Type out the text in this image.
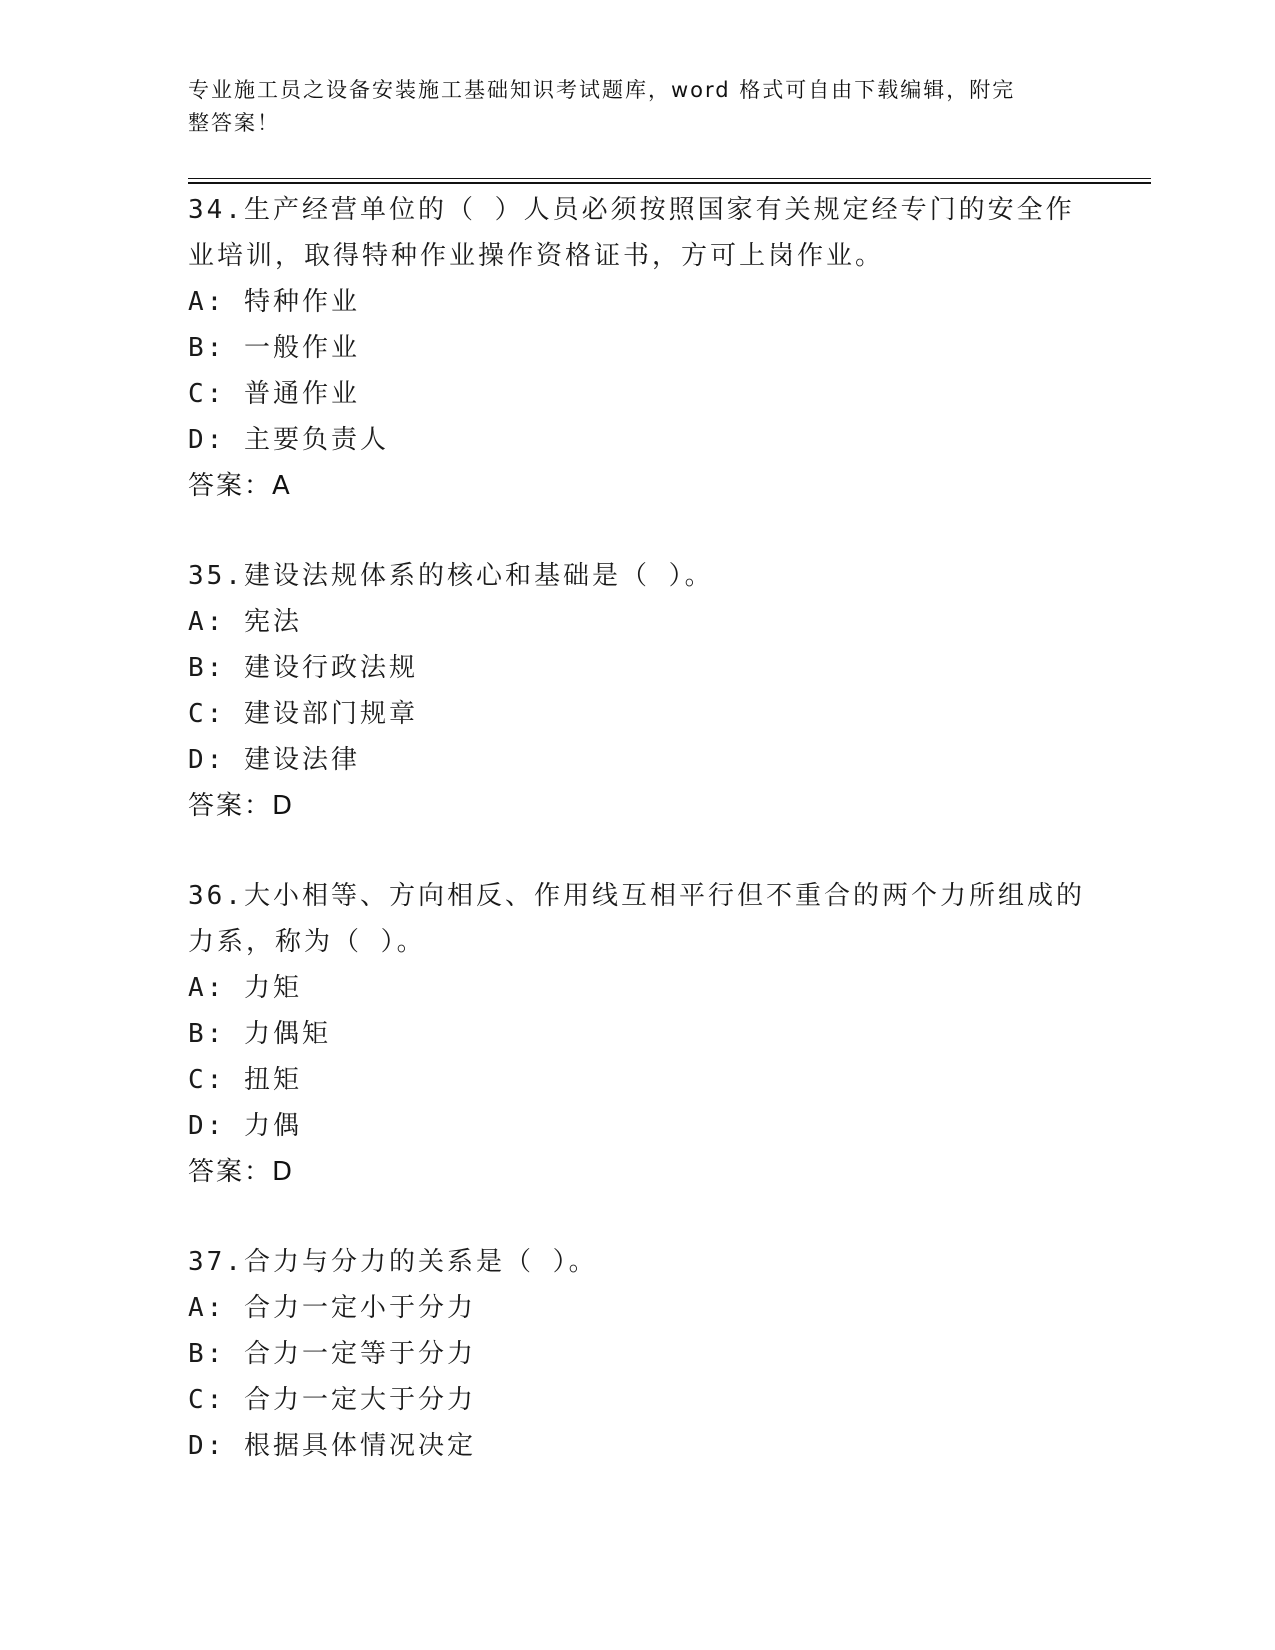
专业施工员之设备安装施工基础知识考试题库，word 格式可自由下载编辑，附完
整答案！
34.生产经营单位的（ ）人员必须按照国家有关规定经专门的安全作
业培训，取得特种作业操作资格证书，方可上岗作业。
A: 特种作业
B: 一般作业
C: 普通作业
D: 主要负责人
答案：A
35.建设法规体系的核心和基础是（ ）。
A: 宪法
B: 建设行政法规
C: 建设部门规章
D: 建设法律
答案：D
36.大小相等、方向相反、作用线互相平行但不重合的两个力所组成的
力系，称为（ ）。
A: 力矩
B: 力偶矩
C: 扭矩
D: 力偶
答案：D
37.合力与分力的关系是（ ）。
A: 合力一定小于分力
B: 合力一定等于分力
C: 合力一定大于分力
D: 根据具体情况决定
